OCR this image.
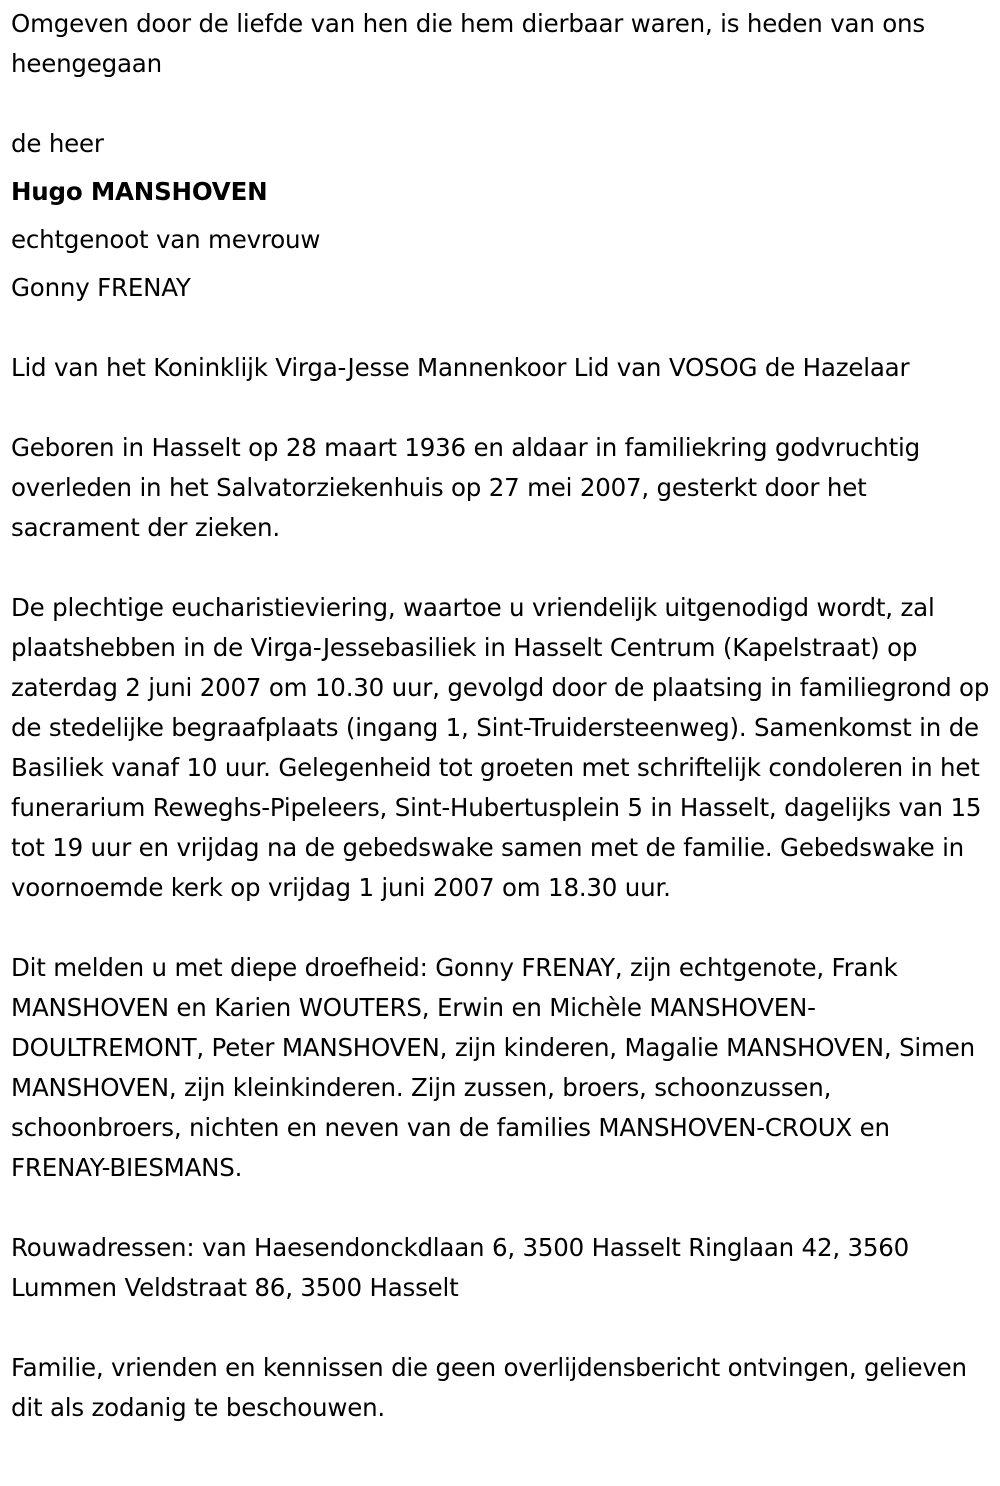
Omgeven door de liefde van hen die hem dierbaar waren, is heden van ons heengegaan

de heer

Hugo MANSHOVEN

echtgenoot van mevrouw

Gonny FRENAY

Lid van het Koninklijk Virga-Jesse Mannenkoor Lid van VOSOG de Hazelaar

Geboren in Hasselt op 28 maart 1936 en aldaar in familiekring godvruchtig overleden in het Salvatorziekenhuis op 27 mei 2007, gesterkt door het sacrament der zieken.

De plechtige eucharistieviering, waartoe u vriendelijk uitgenodigd wordt, zal plaatshebben in de Virga-Jessebasiliek in Hasselt Centrum (Kapelstraat) op zaterdag 2 juni 2007 om 10.30 uur, gevolgd door de plaatsing in familiegrond op de stedelijke begraafplaats (ingang 1, Sint-Truidersteenweg). Samenkomst in de Basiliek vanaf 10 uur. Gelegenheid tot groeten met schriftelijk condoleren in het funerarium Reweghs-Pipeleers, Sint-Hubertusplein 5 in Hasselt, dagelijks van 15 tot 19 uur en vrijdag na de gebedswake samen met de familie. Gebedswake in voornoemde kerk op vrijdag 1 juni 2007 om 18.30 uur.

Dit melden u met diepe droefheid: Gonny FRENAY, zijn echtgenote, Frank MANSHOVEN en Karien WOUTERS, Erwin en Michèle MANSHOVEN-DOULTREMONT, Peter MANSHOVEN, zijn kinderen, Magalie MANSHOVEN, Simen MANSHOVEN, zijn kleinkinderen. Zijn zussen, broers, schoonzussen, schoonbroers, nichten en neven van de families MANSHOVEN-CROUX en FRENAY-BIESMANS.

Rouwadressen: van Haesendonckdlaan 6, 3500 Hasselt Ringlaan 42, 3560 Lummen Veldstraat 86, 3500 Hasselt

Familie, vrienden en kennissen die geen overlijdensbericht ontvingen, gelieven dit als zodanig te beschouwen.
